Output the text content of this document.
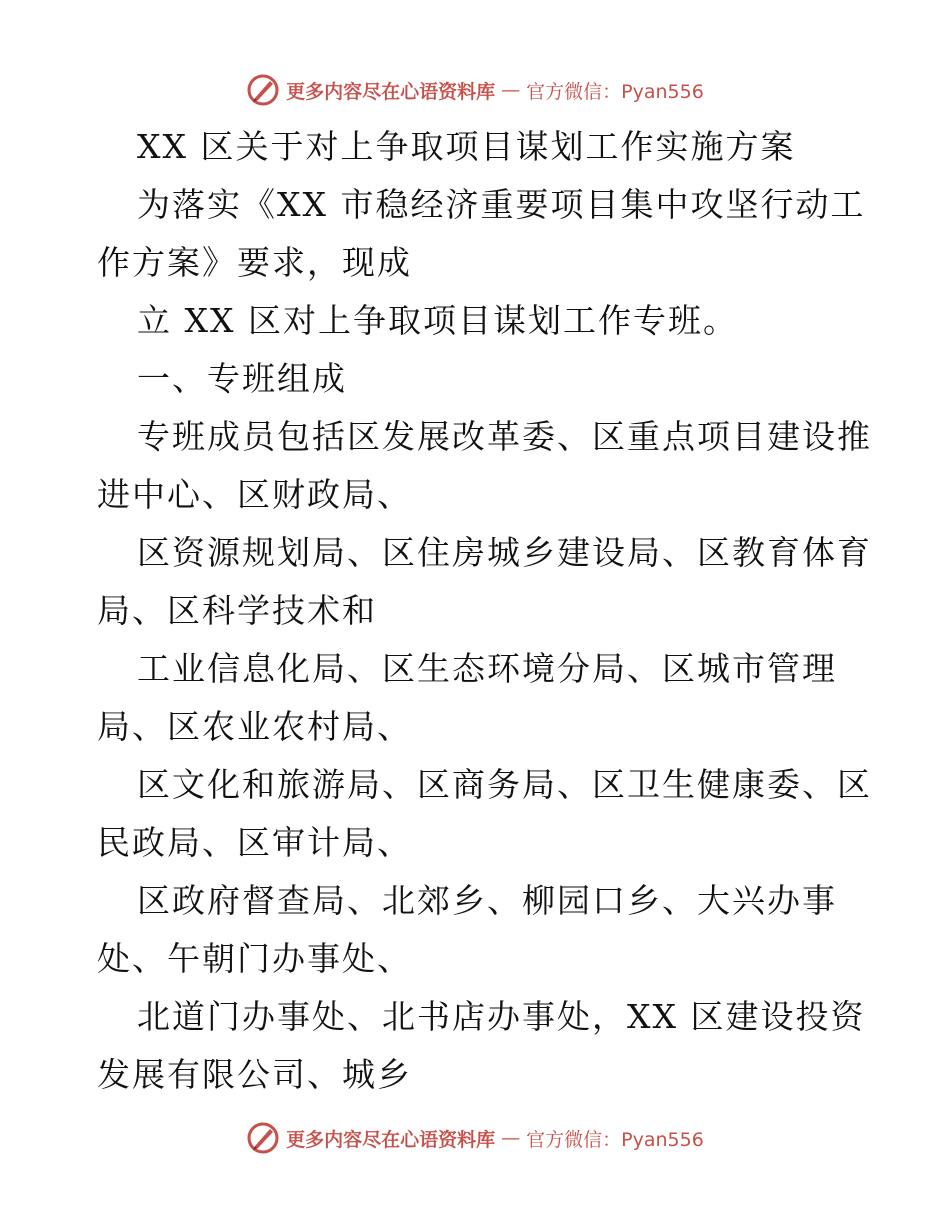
更多内容尽在心语资料库 — 官方微信：Pyan556
XX 区关于对上争取项目谋划工作实施方案
为落实《XX 市稳经济重要项目集中攻坚行动工
作方案》要求，现成
立 XX 区对上争取项目谋划工作专班。
一、专班组成
专班成员包括区发展改革委、区重点项目建设推
进中心、区财政局、
区资源规划局、区住房城乡建设局、区教育体育
局、区科学技术和
工业信息化局、区生态环境分局、区城市管理
局、区农业农村局、
区文化和旅游局、区商务局、区卫生健康委、区
民政局、区审计局、
区政府督查局、北郊乡、柳园口乡、大兴办事
处、午朝门办事处、
北道门办事处、北书店办事处，XX 区建设投资
发展有限公司、城乡
更多内容尽在心语资料库 — 官方微信：Pyan556
